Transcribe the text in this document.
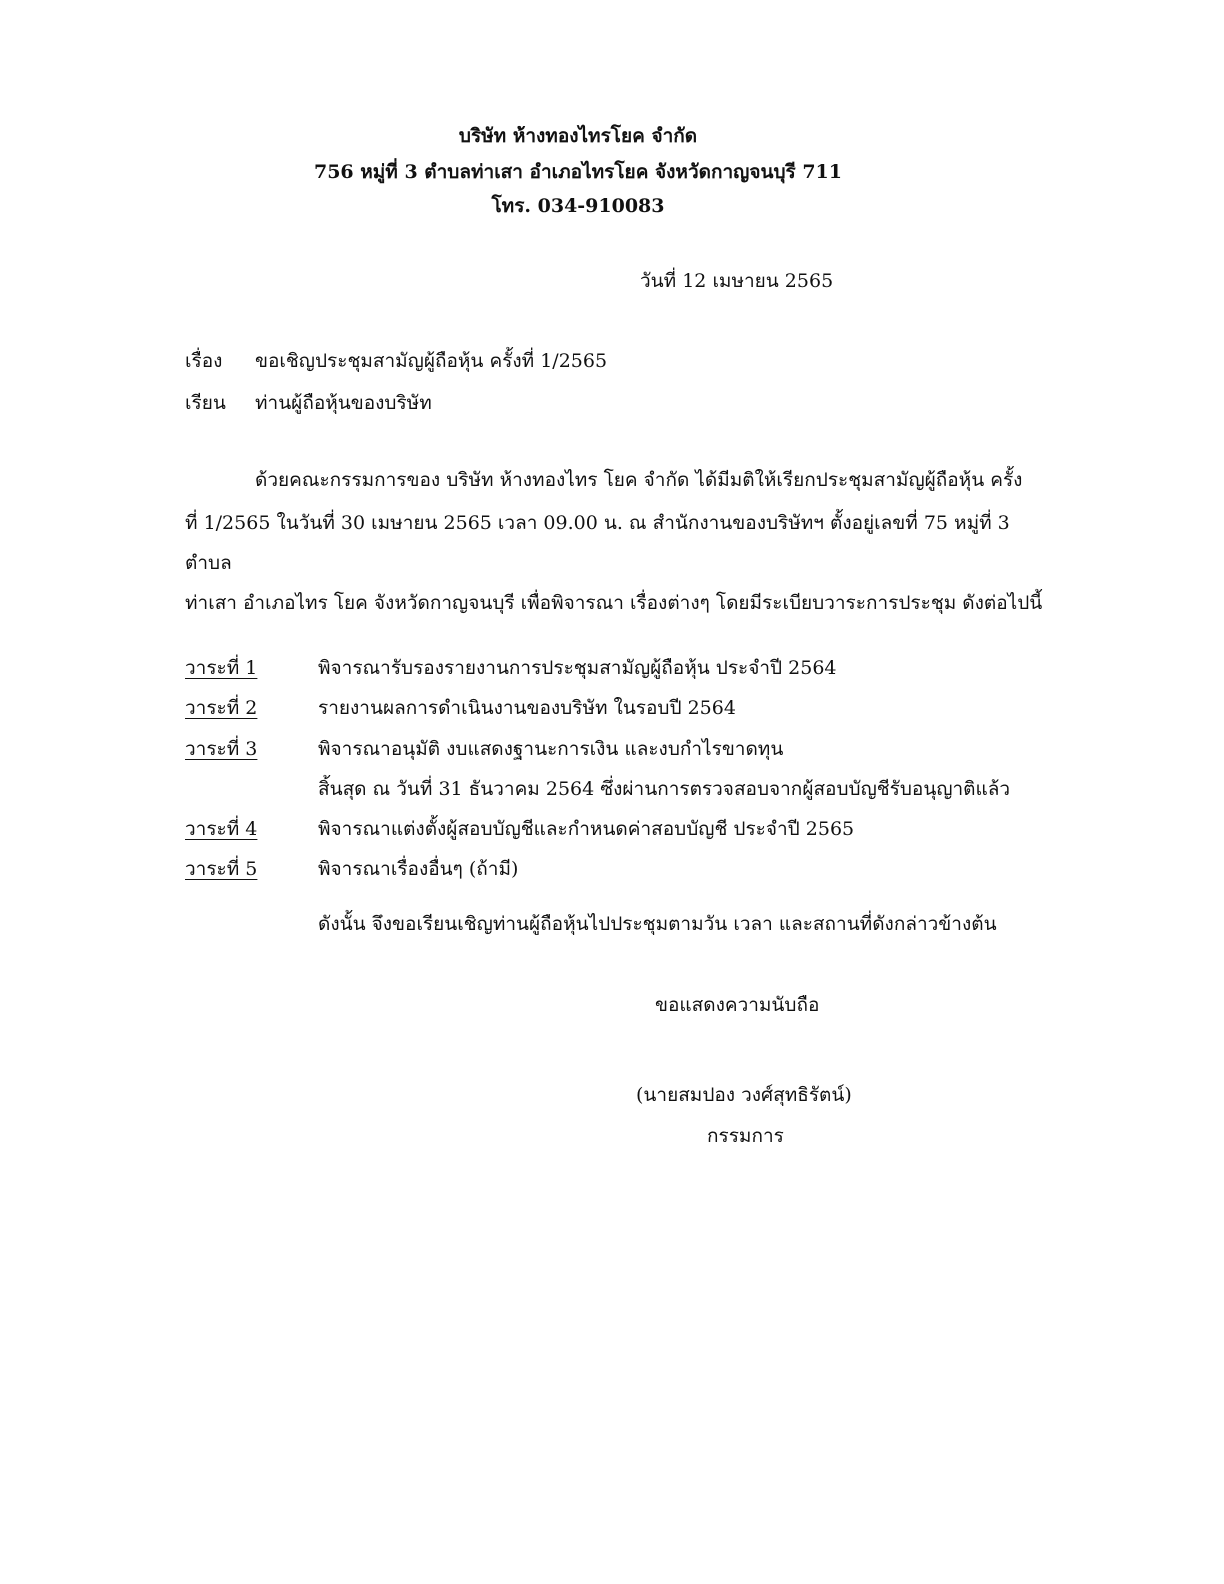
บริษัท ห้างทองไทรโยค จำกัด
756 หมู่ที่ 3 ตำบลท่าเสา อำเภอไทรโยค จังหวัดกาญจนบุรี 711
โทร. 034-910083
วันที่ 12 เมษายน 2565
เรื่อง ขอเชิญประชุมสามัญผู้ถือหุ้น ครั้งที่ 1/2565
เรียน ท่านผู้ถือหุ้นของบริษัท
ด้วยคณะกรรมการของ บริษัท ห้างทองไทร โยค จำกัด ได้มีมติให้เรียกประชุมสามัญผู้ถือหุ้น ครั้ง
ที่ 1/2565 ในวันที่ 30 เมษายน 2565 เวลา 09.00 น. ณ สำนักงานของบริษัทฯ ตั้งอยู่เลขที่ 75 หมู่ที่ 3
ตำบล
ท่าเสา อำเภอไทร โยค จังหวัดกาญจนบุรี เพื่อพิจารณา เรื่องต่างๆ โดยมีระเบียบวาระการประชุม ดังต่อไปนี้
วาระที่ 1	พิจารณารับรองรายงานการประชุมสามัญผู้ถือหุ้น ประจำปี 2564
วาระที่ 2	รายงานผลการดำเนินงานของบริษัท ในรอบปี 2564
วาระที่ 3	พิจารณาอนุมัติ งบแสดงฐานะการเงิน และงบกำไรขาดทุน
สิ้นสุด ณ วันที่ 31 ธันวาคม 2564 ซึ่งผ่านการตรวจสอบจากผู้สอบบัญชีรับอนุญาติแล้ว
วาระที่ 4	พิจารณาแต่งตั้งผู้สอบบัญชีและกำหนดค่าสอบบัญชี ประจำปี 2565
วาระที่ 5	พิจารณาเรื่องอื่นๆ (ถ้ามี)
ดังนั้น จึงขอเรียนเชิญท่านผู้ถือหุ้นไปประชุมตามวัน เวลา และสถานที่ดังกล่าวข้างต้น
ขอแสดงความนับถือ
(นายสมปอง วงศ์สุทธิรัตน์)
กรรมการ
